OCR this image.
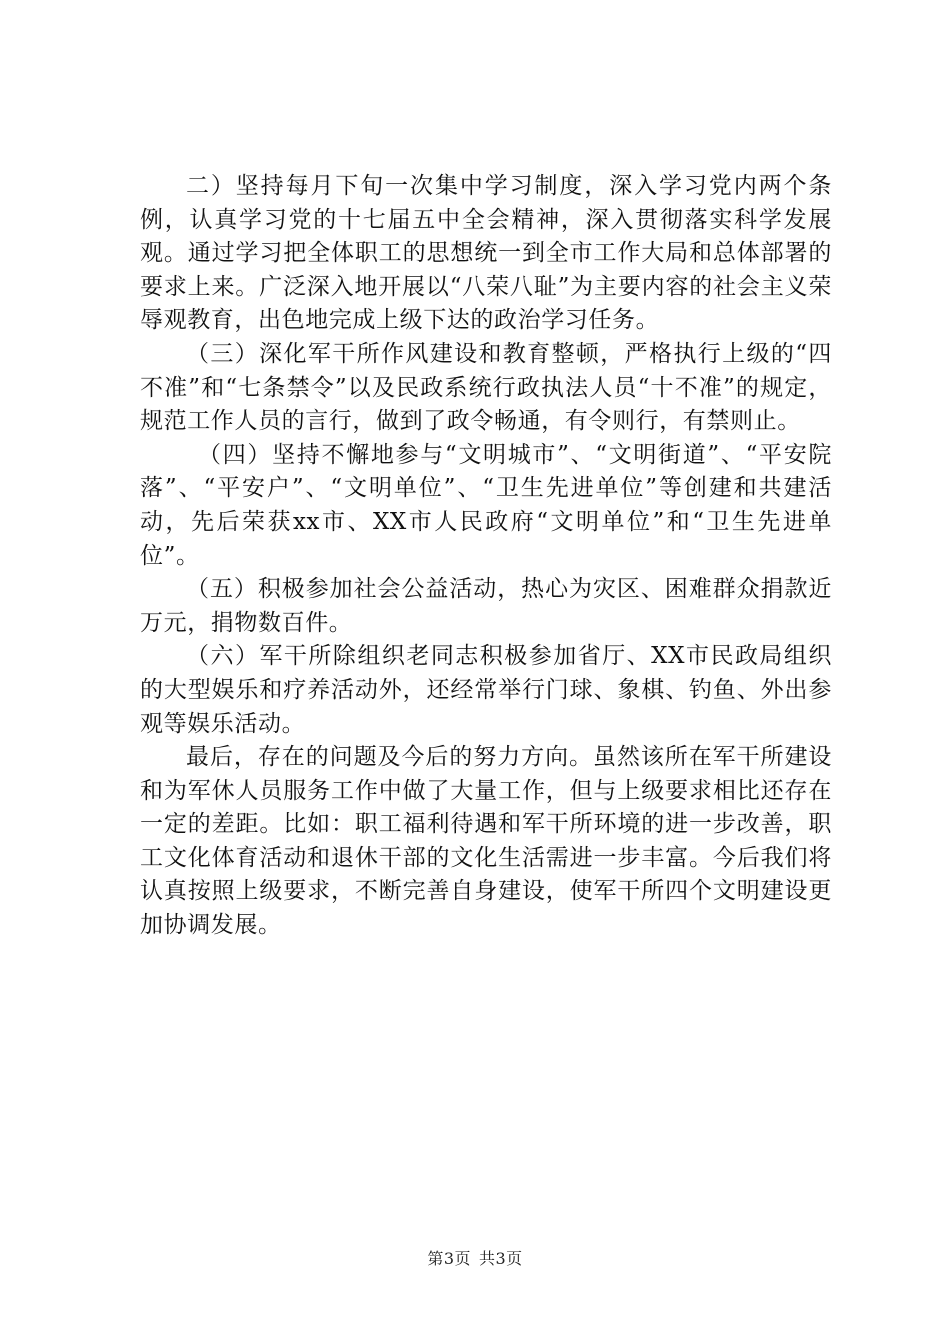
二）坚持每月下旬一次集中学习制度，深入学习党内两个条例，认真学习党的十七届五中全会精神，深入贯彻落实科学发展观。通过学习把全体职工的思想统一到全市工作大局和总体部署的要求上来。广泛深入地开展以“八荣八耻”为主要内容的社会主义荣辱观教育，出色地完成上级下达的政治学习任务。

（三）深化军干所作风建设和教育整顿，严格执行上级的“四不准”和“七条禁令”以及民政系统行政执法人员“十不准”的规定，规范工作人员的言行，做到了政令畅通，有令则行，有禁则止。

（四）坚持不懈地参与“文明城市”、“文明街道”、“平安院落”、“平安户”、“文明单位”、“卫生先进单位”等创建和共建活动，先后荣获xx市、XX市人民政府“文明单位”和“卫生先进单位”。

（五）积极参加社会公益活动，热心为灾区、困难群众捐款近万元，捐物数百件。

（六）军干所除组织老同志积极参加省厅、XX市民政局组织的大型娱乐和疗养活动外，还经常举行门球、象棋、钓鱼、外出参观等娱乐活动。

最后，存在的问题及今后的努力方向。虽然该所在军干所建设和为军休人员服务工作中做了大量工作，但与上级要求相比还存在一定的差距。比如：职工福利待遇和军干所环境的进一步改善，职工文化体育活动和退休干部的文化生活需进一步丰富。今后我们将认真按照上级要求，不断完善自身建设，使军干所四个文明建设更加协调发展。

第3页 共3页
